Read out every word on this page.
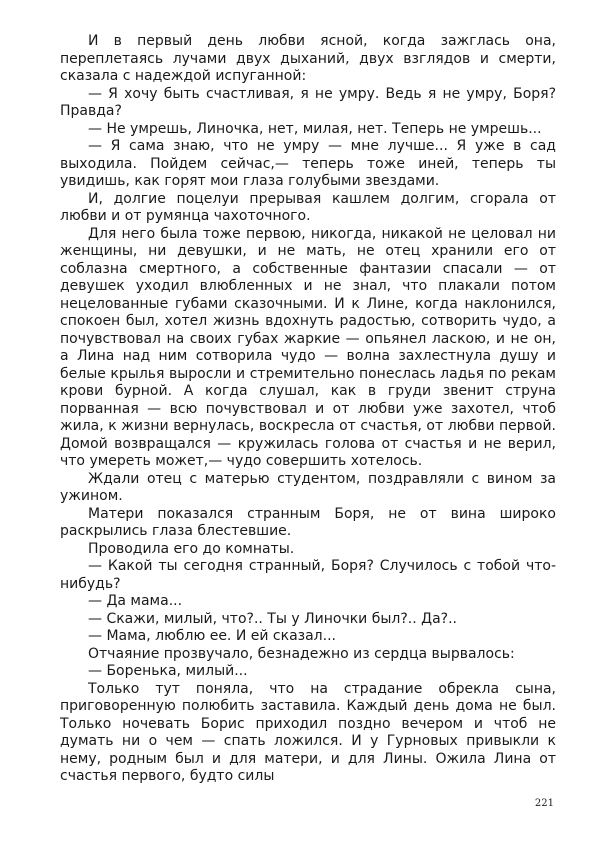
И в первый день любви ясной, когда зажглась она, переплетаясь лучами двух дыханий, двух взглядов и смерти, сказала с надеждой испуганной:

— Я хочу быть счастливая, я не умру. Ведь я не умру, Боря? Правда?

— Не умрешь, Линочка, нет, милая, нет. Теперь не умрешь...

— Я сама знаю, что не умру — мне лучше... Я уже в сад выходила. Пойдем сейчас,— теперь тоже иней, теперь ты увидишь, как горят мои глаза голубыми звездами.

И, долгие поцелуи прерывая кашлем долгим, сгорала от любви и от румянца чахоточного.

Для него была тоже первою, никогда, никакой не целовал ни женщины, ни девушки, и не мать, не отец хранили его от соблазна смертного, а собственные фантазии спасали — от девушек уходил влюбленных и не знал, что плакали потом нецелованные губами сказочными. И к Лине, когда наклонился, спокоен был, хотел жизнь вдохнуть радостью, сотворить чудо, а почувствовал на своих губах жаркие — опьянел ласкою, и не он, а Лина над ним сотворила чудо — волна захлестнула душу и белые крылья выросли и стремительно понеслась ладья по рекам крови бурной. А когда слушал, как в груди звенит струна порванная — всю почувствовал и от любви уже захотел, чтоб жила, к жизни вернулась, воскресла от счастья, от любви первой. Домой возвращался — кружилась голова от счастья и не верил, что умереть может,— чудо совершить хотелось.

Ждали отец с матерью студентом, поздравляли с вином за ужином.

Матери показался странным Боря, не от вина широко раскрылись глаза блестевшие.

Проводила его до комнаты.

— Какой ты сегодня странный, Боря? Случилось с тобой что-нибудь?

— Да мама...

— Скажи, милый, что?.. Ты у Линочки был?.. Да?..

— Мама, люблю ее. И ей сказал...

Отчаяние прозвучало, безнадежно из сердца вырвалось:

— Боренька, милый...

Только тут поняла, что на страдание обрекла сына, приговоренную полюбить заставила. Каждый день дома не был. Только ночевать Борис приходил поздно вечером и чтоб не думать ни о чем — спать ложился. И у Гурновых привыкли к нему, родным был и для матери, и для Лины. Ожила Лина от счастья первого, будто силы

221
